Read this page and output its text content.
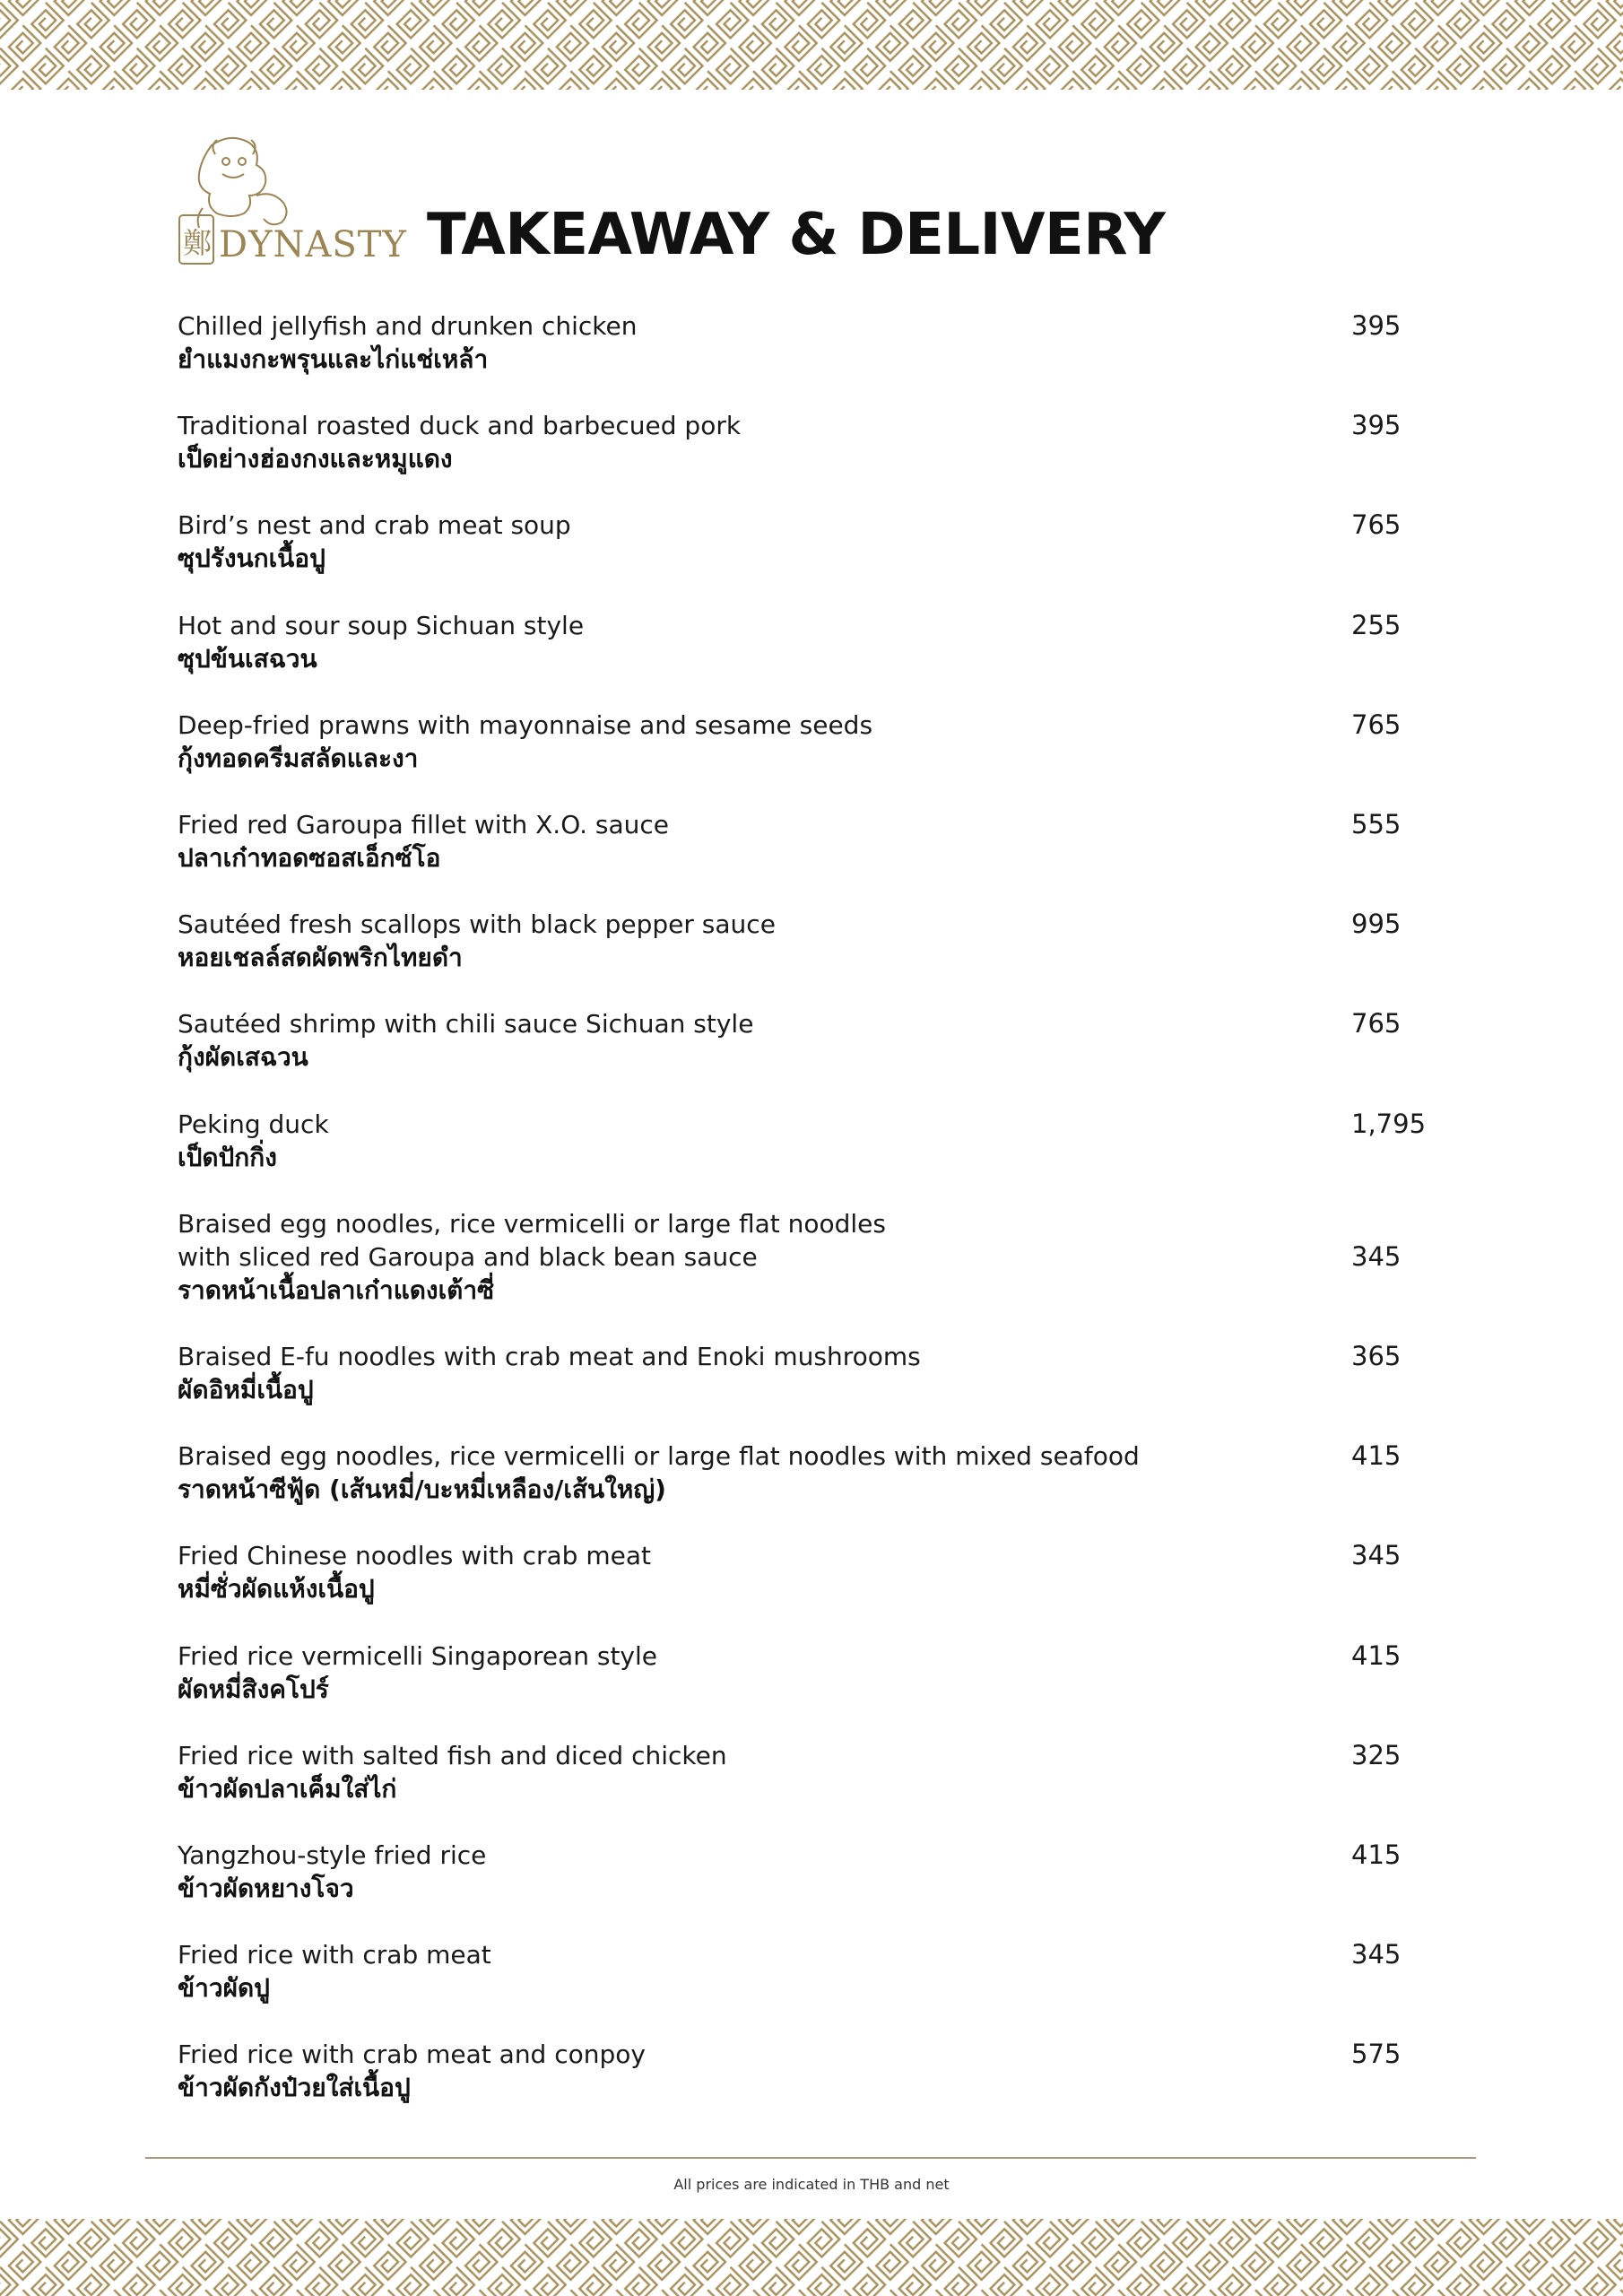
鄭 DYNASTY TAKEAWAY & DELIVERY
Chilled jellyfish and drunken chicken
ยำแมงกะพรุนและไก่แช่เหล้า
395
Traditional roasted duck and barbecued pork
เป็ดย่างฮ่องกงและหมูแดง
395
Bird’s nest and crab meat soup
ซุปรังนกเนื้อปู
765
Hot and sour soup Sichuan style
ซุปข้นเสฉวน
255
Deep-fried prawns with mayonnaise and sesame seeds
กุ้งทอดครีมสลัดและงา
765
Fried red Garoupa fillet with X.O. sauce
ปลาเก๋าทอดซอสเอ็กซ์โอ
555
Sautéed fresh scallops with black pepper sauce
หอยเชลล์สดผัดพริกไทยดำ
995
Sautéed shrimp with chili sauce Sichuan style
กุ้งผัดเสฉวน
765
Peking duck
เป็ดปักกิ่ง
1,795
Braised egg noodles, rice vermicelli or large flat noodles
with sliced red Garoupa and black bean sauce
ราดหน้าเนื้อปลาเก๋าแดงเต้าซี่
345
Braised E-fu noodles with crab meat and Enoki mushrooms
ผัดอิหมี่เนื้อปู
365
Braised egg noodles, rice vermicelli or large flat noodles with mixed seafood
ราดหน้าซีฟู้ด (เส้นหมี่/บะหมี่เหลือง/เส้นใหญ่)
415
Fried Chinese noodles with crab meat
หมี่ซั่วผัดแห้งเนื้อปู
345
Fried rice vermicelli Singaporean style
ผัดหมี่สิงคโปร์
415
Fried rice with salted fish and diced chicken
ข้าวผัดปลาเค็มใส่ไก่
325
Yangzhou-style fried rice
ข้าวผัดหยางโจว
415
Fried rice with crab meat
ข้าวผัดปู
345
Fried rice with crab meat and conpoy
ข้าวผัดกังป๋วยใส่เนื้อปู
575
All prices are indicated in THB and net
